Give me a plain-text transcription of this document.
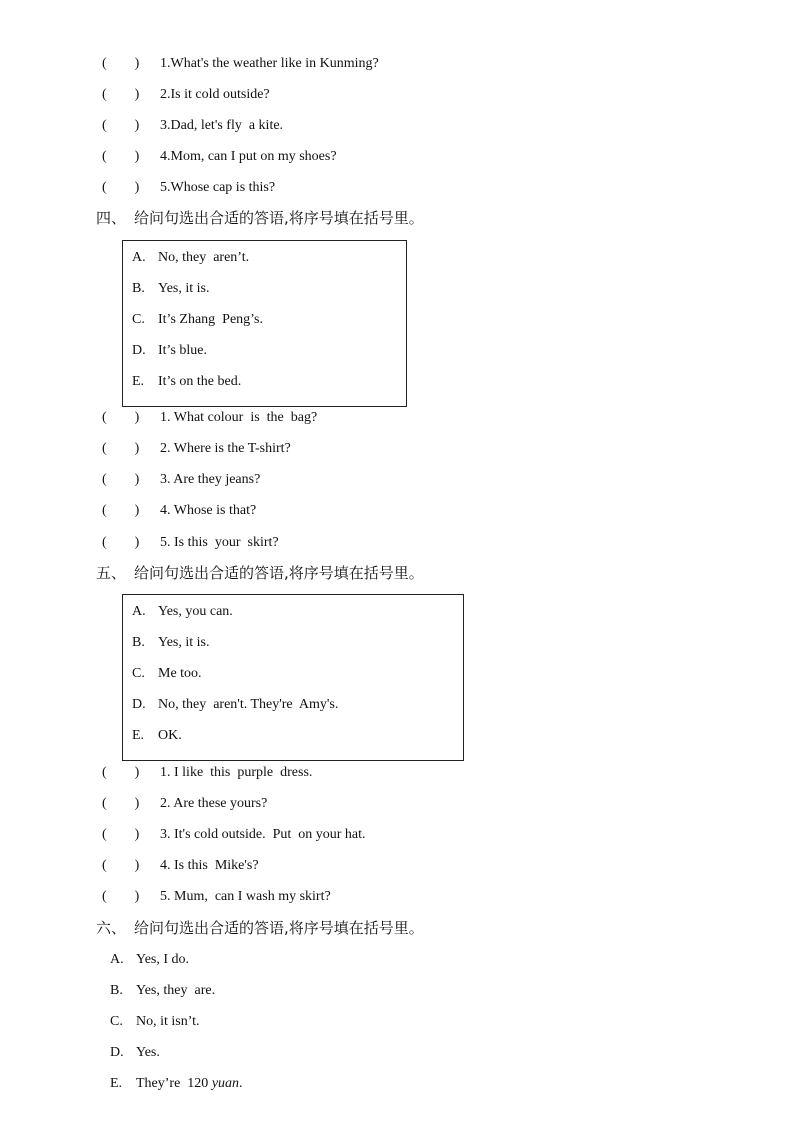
(        ) 1.What's the weather like in Kunming?
(        ) 2.Is it cold outside?
(        ) 3.Dad, let's fly  a kite.
(        ) 4.Mom, can I put on my shoes?
(        ) 5.Whose cap is this?
四、 给问句选出合适的答语,将序号填在括号里。
A. No, they  aren’t.
B. Yes, it is.
C. It’s Zhang  Peng’s.
D. It’s blue.
E. It’s on the bed.
(        ) 1. What colour  is  the  bag?
(        ) 2. Where is the T-shirt?
(        ) 3. Are they jeans?
(        ) 4. Whose is that?
(        ) 5. Is this  your  skirt?
五、 给问句选出合适的答语,将序号填在括号里。
A. Yes, you can.
B. Yes, it is.
C. Me too.
D. No, they  aren't. They're  Amy's.
E. OK.
(        ) 1. I like  this  purple  dress.
(        ) 2. Are these yours?
(        ) 3. It's cold outside.  Put  on your hat.
(        ) 4. Is this  Mike's?
(        ) 5. Mum,  can I wash my skirt?
六、 给问句选出合适的答语,将序号填在括号里。
A. Yes, I do.
B. Yes, they  are.
C. No, it isn’t.
D. Yes.
E. They’re  120 yuan.
